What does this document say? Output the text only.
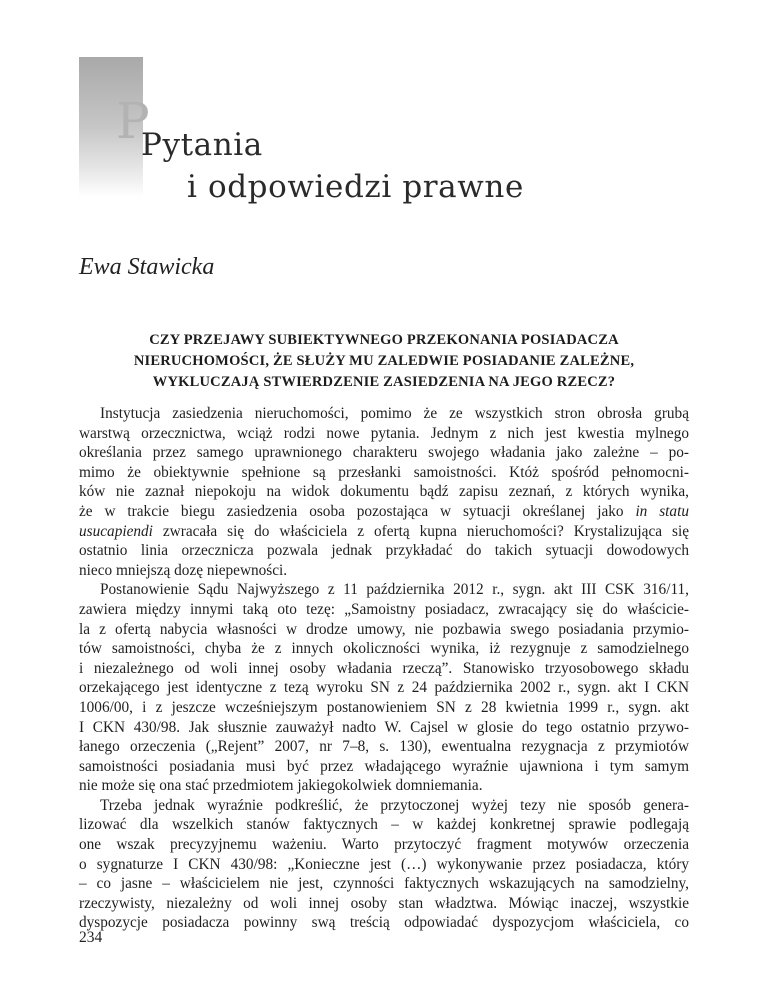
P
Pytania
i odpowiedzi prawne
Ewa Stawicka
CZY PRZEJAWY SUBIEKTYWNEGO PRZEKONANIA POSIADACZA
NIERUCHOMOŚCI, ŻE SŁUŻY MU ZALEDWIE POSIADANIE ZALEŻNE,
WYKLUCZAJĄ STWIERDZENIE ZASIEDZENIA NA JEGO RZECZ?
Instytucja zasiedzenia nieruchomości, pomimo że ze wszystkich stron obrosła grubą
warstwą orzecznictwa, wciąż rodzi nowe pytania. Jednym z nich jest kwestia mylnego
określania przez samego uprawnionego charakteru swojego władania jako zależne – po-
mimo że obiektywnie spełnione są przesłanki samoistności. Któż spośród pełnomocni-
ków nie zaznał niepokoju na widok dokumentu bądź zapisu zeznań, z których wynika,
że w trakcie biegu zasiedzenia osoba pozostająca w sytuacji określanej jako in statu
usucapiendi zwracała się do właściciela z ofertą kupna nieruchomości? Krystalizująca się
ostatnio linia orzecznicza pozwala jednak przykładać do takich sytuacji dowodowych
nieco mniejszą dozę niepewności.
Postanowienie Sądu Najwyższego z 11 października 2012 r., sygn. akt III CSK 316/11,
zawiera między innymi taką oto tezę: „Samoistny posiadacz, zwracający się do właścicie-
la z ofertą nabycia własności w drodze umowy, nie pozbawia swego posiadania przymio-
tów samoistności, chyba że z innych okoliczności wynika, iż rezygnuje z samodzielnego
i niezależnego od woli innej osoby władania rzeczą”. Stanowisko trzyosobowego składu
orzekającego jest identyczne z tezą wyroku SN z 24 października 2002 r., sygn. akt I CKN
1006/00, i z jeszcze wcześniejszym postanowieniem SN z 28 kwietnia 1999 r., sygn. akt
I CKN 430/98. Jak słusznie zauważył nadto W. Cajsel w glosie do tego ostatnio przywo-
łanego orzeczenia („Rejent” 2007, nr 7–8, s. 130), ewentualna rezygnacja z przymiotów
samoistności posiadania musi być przez władającego wyraźnie ujawniona i tym samym
nie może się ona stać przedmiotem jakiegokolwiek domniemania.
Trzeba jednak wyraźnie podkreślić, że przytoczonej wyżej tezy nie sposób genera-
lizować dla wszelkich stanów faktycznych – w każdej konkretnej sprawie podlegają
one wszak precyzyjnemu ważeniu. Warto przytoczyć fragment motywów orzeczenia
o sygnaturze I CKN 430/98: „Konieczne jest (…) wykonywanie przez posiadacza, który
– co jasne – właścicielem nie jest, czynności faktycznych wskazujących na samodzielny,
rzeczywisty, niezależny od woli innej osoby stan władztwa. Mówiąc inaczej, wszystkie
dyspozycje posiadacza powinny swą treścią odpowiadać dyspozycjom właściciela, co
234
